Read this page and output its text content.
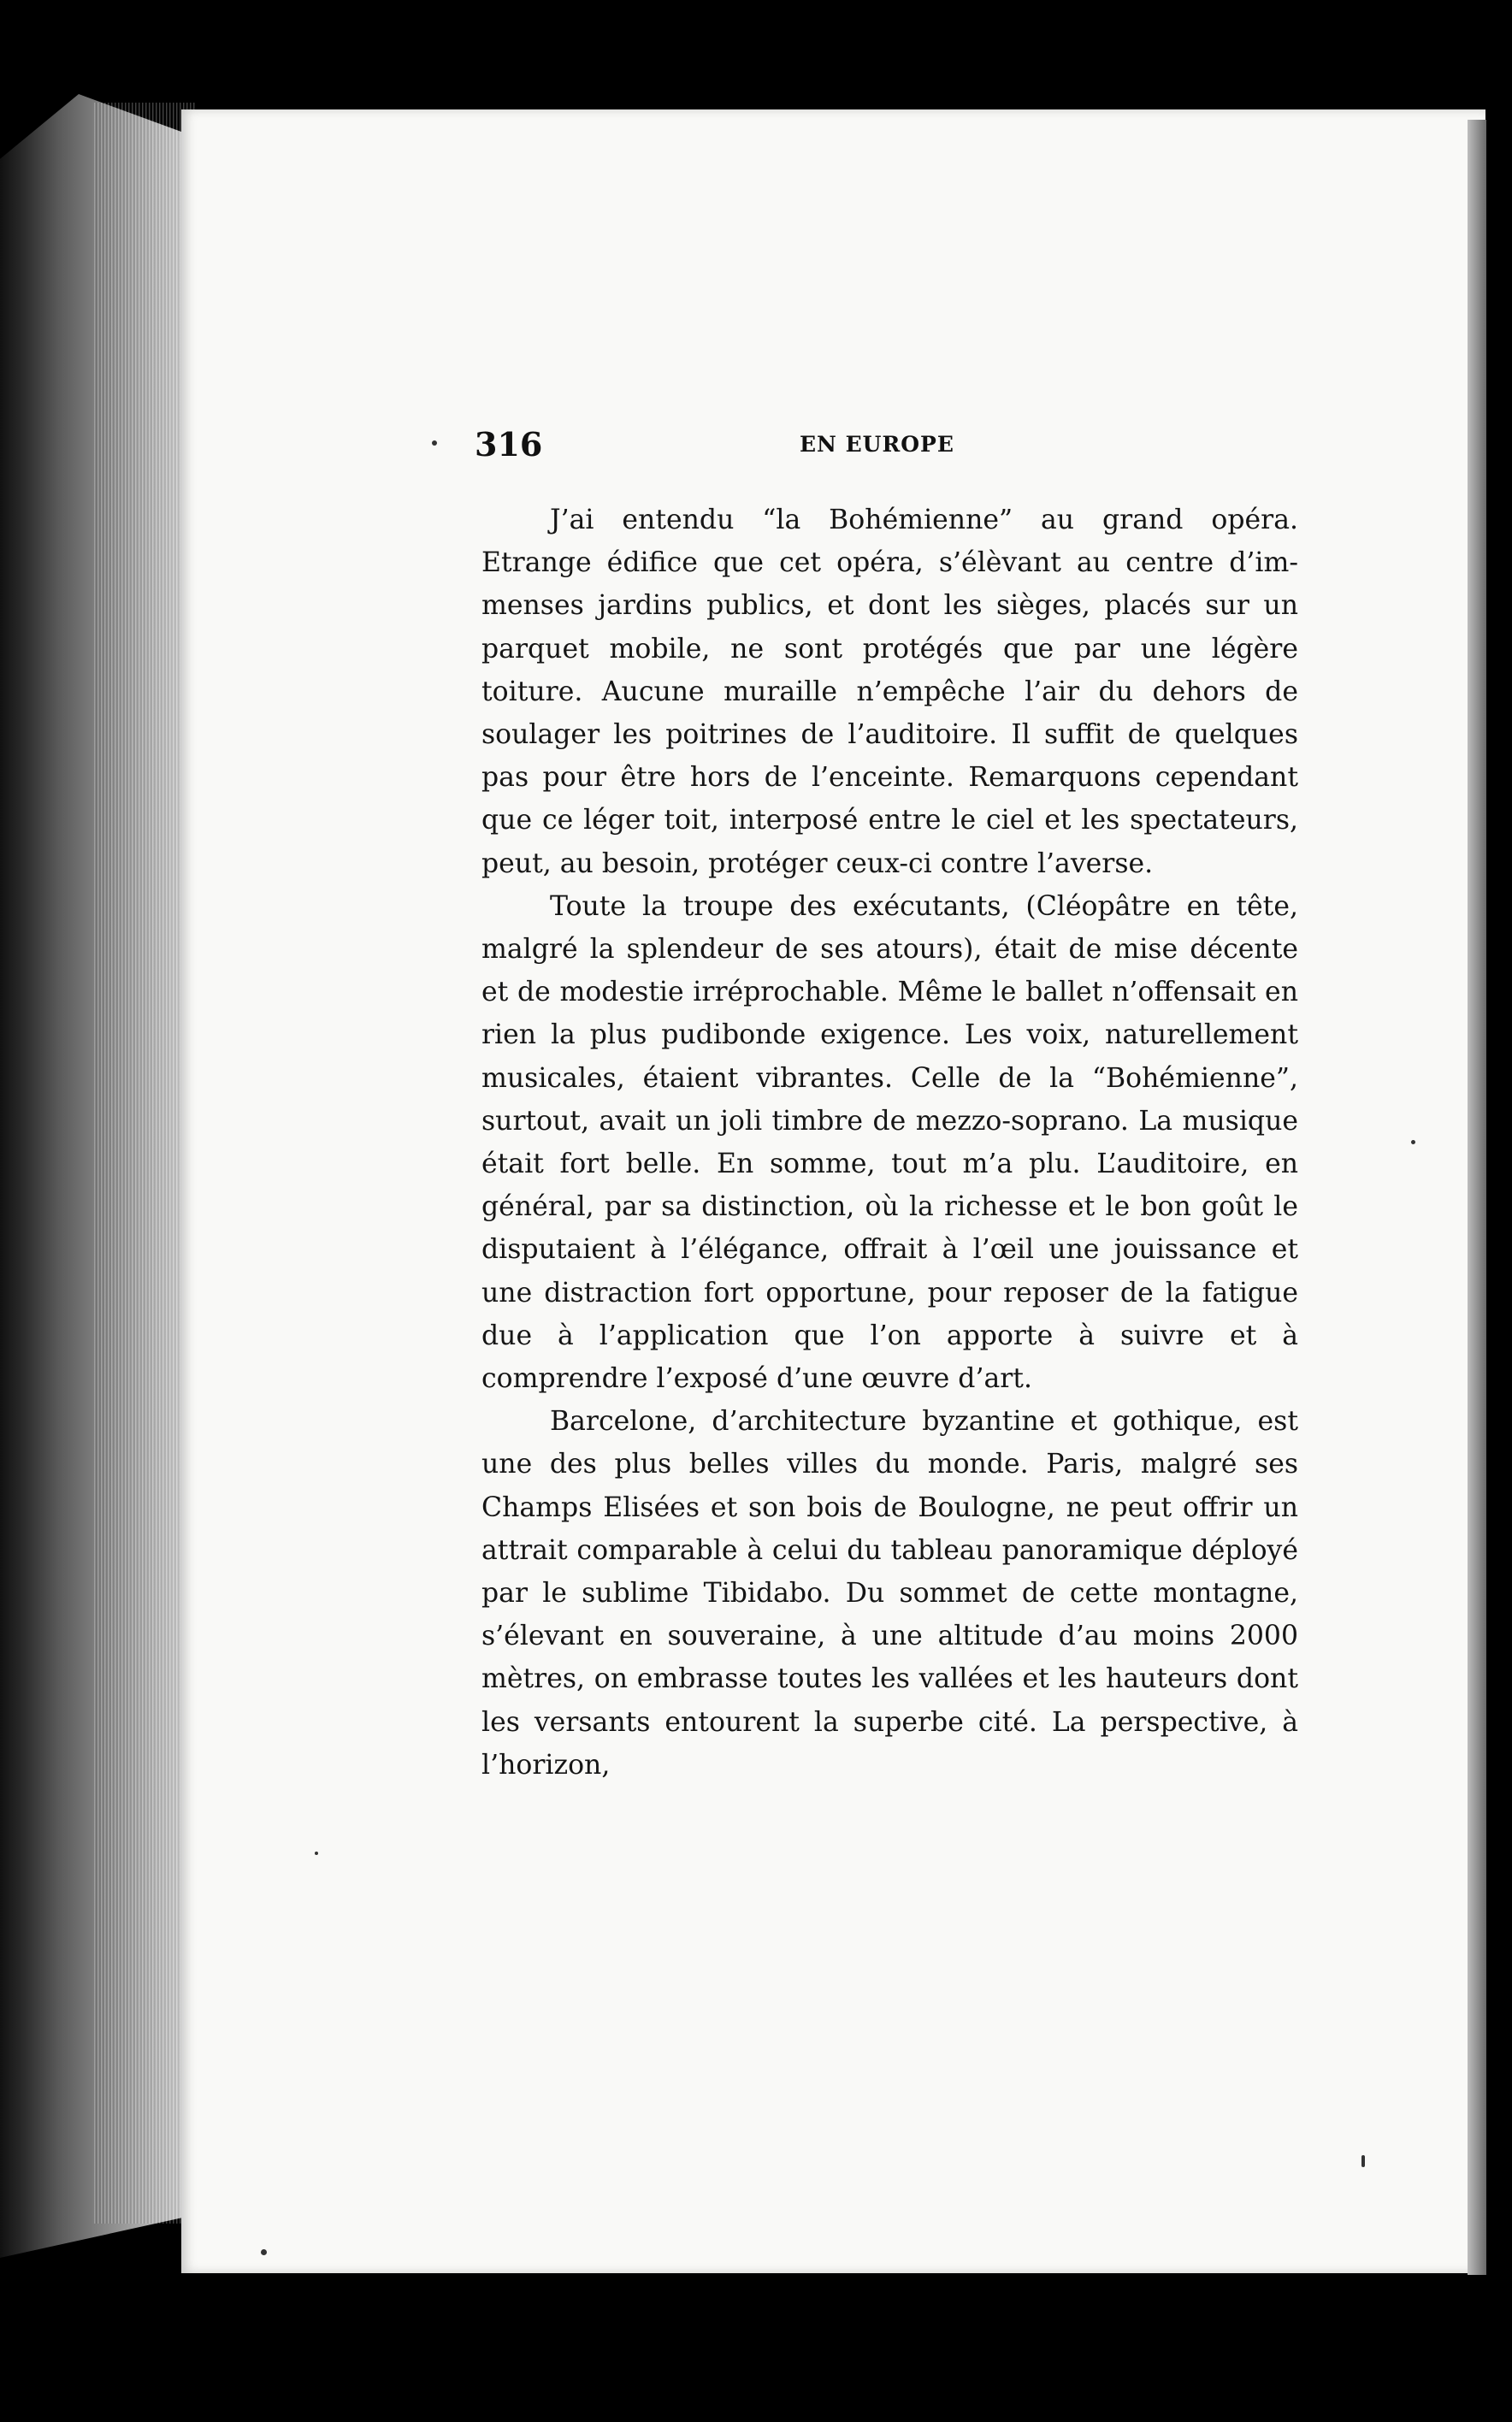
316	EN EUROPE

J’ai entendu “la Bohémienne” au grand opéra. Etrange édifice que cet opéra, s’élèvant au centre d’immenses jardins publics, et dont les sièges, placés sur un parquet mobile, ne sont protégés que par une légère toiture. Aucune muraille n’empêche l’air du dehors de soulager les poitrines de l’auditoire. Il suffit de quelques pas pour être hors de l’enceinte. Remarquons cependant que ce léger toit, interposé entre le ciel et les spectateurs, peut, au besoin, protéger ceux-ci contre l’averse.

Toute la troupe des exécutants, (Cléopâtre en tête, malgré la splendeur de ses atours), était de mise décente et de modestie irréprochable. Même le ballet n’offensait en rien la plus pudibonde exigence. Les voix, naturellement musicales, étaient vibrantes. Celle de la “Bohémienne”, surtout, avait un joli timbre de mezzo-soprano. La musique était fort belle. En somme, tout m’a plu. L’auditoire, en général, par sa distinction, où la richesse et le bon goût le disputaient à l’élégance, offrait à l’œil une jouissance et une distraction fort opportune, pour reposer de la fatigue due à l’application que l’on apporte à suivre et à comprendre l’exposé d’une œuvre d’art.

Barcelone, d’architecture byzantine et gothique, est une des plus belles villes du monde. Paris, malgré ses Champs Elisées et son bois de Boulogne, ne peut offrir un attrait comparable à celui du tableau panoramique déployé par le sublime Tibidabo. Du sommet de cette montagne, s’élevant en souveraine, à une altitude d’au moins 2000 mètres, on embrasse toutes les vallées et les hauteurs dont les versants entourent la superbe cité. La perspective, à l’horizon,
